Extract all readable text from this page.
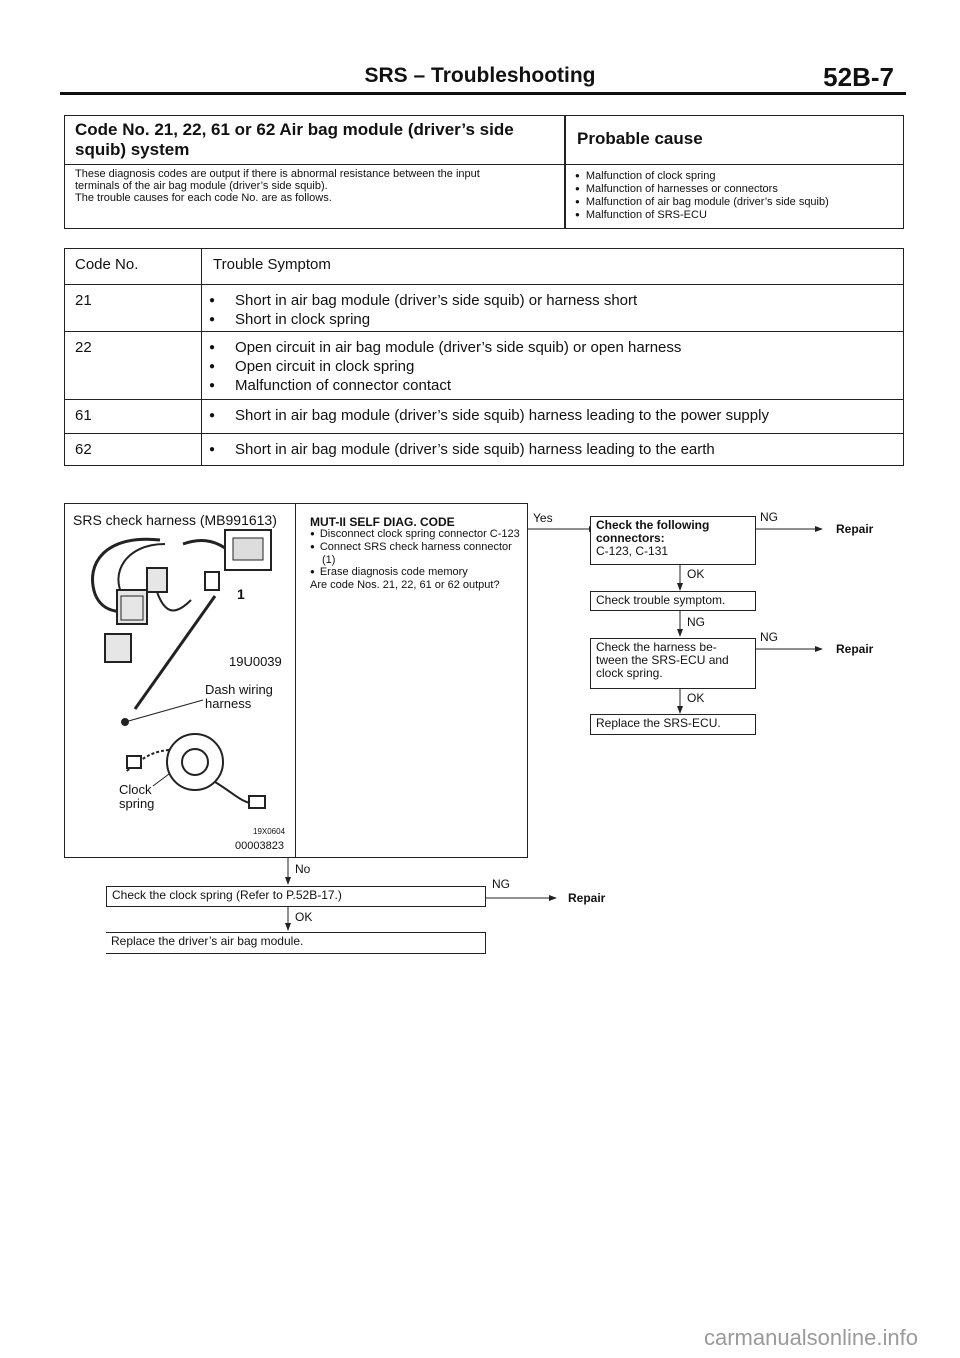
SRS – Troubleshooting	52B-7
Code No. 21, 22, 61 or 62 Air bag module (driver’s side squib) system
Probable cause
These diagnosis codes are output if there is abnormal resistance between the input
terminals of the air bag module (driver’s side squib).
The trouble causes for each code No. are as follows.
● Malfunction of clock spring
● Malfunction of harnesses or connectors
● Malfunction of air bag module (driver’s side squib)
● Malfunction of SRS-ECU
Code No.	Trouble Symptom
21	● Short in air bag module (driver’s side squib) or harness short
● Short in clock spring
22	● Open circuit in air bag module (driver’s side squib) or open harness
● Open circuit in clock spring
● Malfunction of connector contact
61	● Short in air bag module (driver’s side squib) harness leading to the power supply
62	● Short in air bag module (driver’s side squib) harness leading to the earth
SRS check harness (MB991613)
1
19U0039
Dash wiring
harness
Clock
spring
19X0604
00003823
MUT-II SELF DIAG. CODE
● Disconnect clock spring connector C-123
● Connect SRS check harness connector (1)
● Erase diagnosis code memory
Are code Nos. 21, 22, 61 or 62 output?
Yes	NG
Repair
Check the following
connectors:
C-123, C-131
OK
Check trouble symptom.
NG
NG
Repair
Check the harness be-
tween the SRS-ECU and
clock spring.
OK
Replace the SRS-ECU.
No
Check the clock spring (Refer to P.52B-17.)
NG
Repair
OK
Replace the driver’s air bag module.
carmanualsonline.info
